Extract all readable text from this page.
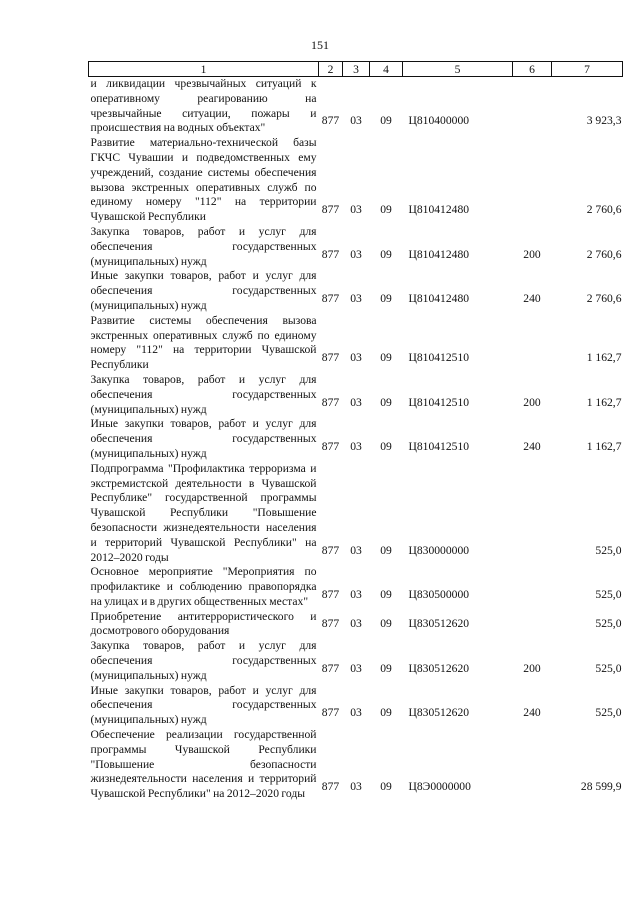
151
1	2	3	4	5	6	7
и ликвидации чрезвычайных ситуаций к оперативному реагированию на чрезвычайные ситуации, пожары и происшествия на водных объектах"	877	03	09	Ц810400000		3 923,3
Развитие материально-технической базы ГКЧС Чувашии и подведомственных ему учреждений, создание системы обеспечения вызова экстренных оперативных служб по единому номеру "112" на территории Чувашской Республики	877	03	09	Ц810412480		2 760,6
Закупка товаров, работ и услуг для обеспечения государственных (муниципальных) нужд	877	03	09	Ц810412480	200	2 760,6
Иные закупки товаров, работ и услуг для обеспечения государственных (муниципальных) нужд	877	03	09	Ц810412480	240	2 760,6
Развитие системы обеспечения вызова экстренных оперативных служб по единому номеру "112" на территории Чувашской Республики	877	03	09	Ц810412510		1 162,7
Закупка товаров, работ и услуг для обеспечения государственных (муниципальных) нужд	877	03	09	Ц810412510	200	1 162,7
Иные закупки товаров, работ и услуг для обеспечения государственных (муниципальных) нужд	877	03	09	Ц810412510	240	1 162,7
Подпрограмма "Профилактика терроризма и экстремистской деятельности в Чувашской Республике" государственной программы Чувашской Республики "Повышение безопасности жизнедеятельности населения и территорий Чувашской Республики" на 2012–2020 годы	877	03	09	Ц830000000		525,0
Основное мероприятие "Мероприятия по профилактике и соблюдению правопорядка на улицах и в других общественных местах"	877	03	09	Ц830500000		525,0
Приобретение антитеррористического и досмотрового оборудования	877	03	09	Ц830512620		525,0
Закупка товаров, работ и услуг для обеспечения государственных (муниципальных) нужд	877	03	09	Ц830512620	200	525,0
Иные закупки товаров, работ и услуг для обеспечения государственных (муниципальных) нужд	877	03	09	Ц830512620	240	525,0
Обеспечение реализации государственной программы Чувашской Республики "Повышение безопасности жизнедеятельности населения и территорий Чувашской Республики" на 2012–2020 годы	877	03	09	Ц8Э0000000		28 599,9
